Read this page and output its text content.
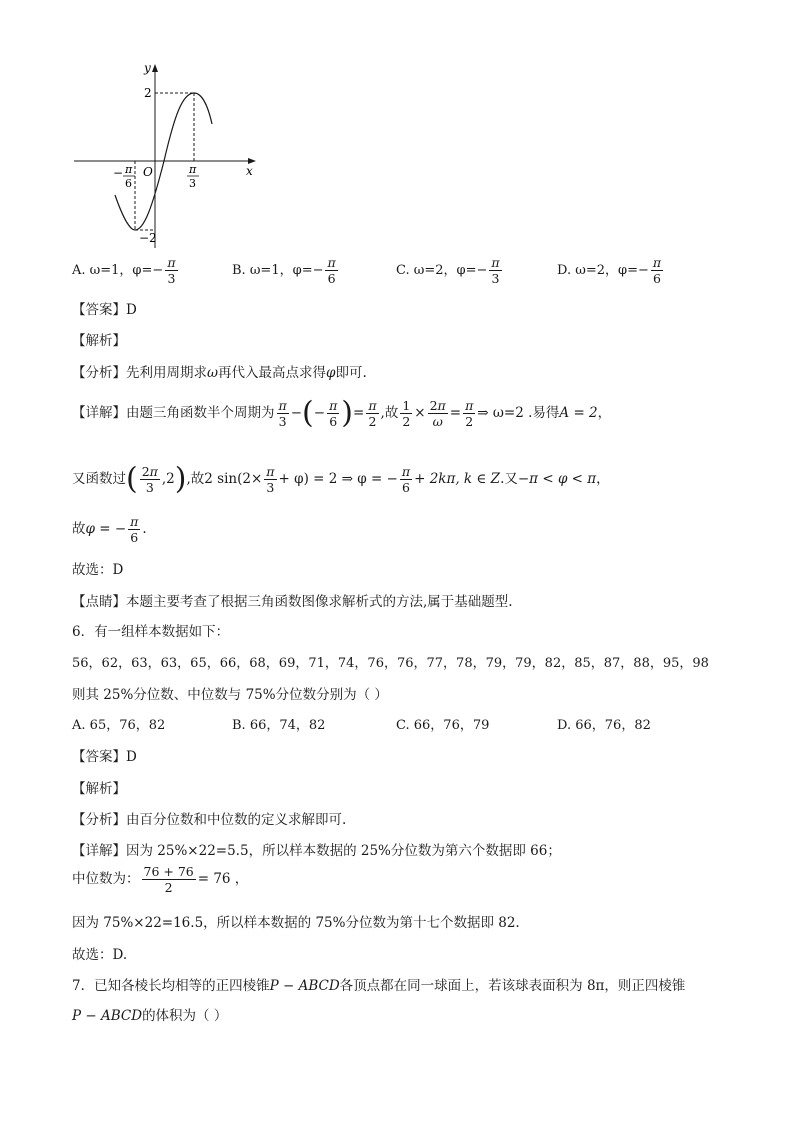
y
x
O
2
−2
− π
6
π
3
A. ω=1，$\varphi=- \frac{\pi}{3}$	B. ω=1，$\varphi=- \frac{\pi}{6}$	C. ω=2，$\varphi=- \frac{\pi}{3}$	D. ω=2，$\varphi=- \frac{\pi}{6}$
【答案】D
【解析】
【分析】先利用周期求ω再代入最高点求得φ即可.
【详解】由题三角函数半个周期为 $\frac{\pi}{3}$ −(− $\frac{\pi}{6}$ )= $\frac{\pi}{2}$ ,故 $\frac{1}{2} \times \frac{2\pi}{\omega} = \frac{\pi}{2}$ ⇒ ω=2 .易得A = 2，
又函数过( $\frac{2\pi}{3} ,2$),故2 $\sin(2\times \frac{\pi}{3} + \varphi) = 2$ ⇒ φ = − $\frac{\pi}{6} + 2k\pi$, k ∈ Z.又−π < φ < π，
故φ = − $\frac{\pi}{6}$ .
故选：D
【点睛】本题主要考查了根据三角函数图像求解析式的方法,属于基础题型.
6．有一组样本数据如下：
56，62，63，63，65，66，68，69，71，74，76，76，77，78，79，79，82，85，87，88，95，98
则其 25%分位数、中位数与 75%分位数分别为（ ）
A. 65，76，82	B. 66，74，82	C. 66，76，79	D. 66，76，82
【答案】D
【解析】
【分析】由百分位数和中位数的定义求解即可.
【详解】因为 25%×22=5.5，所以样本数据的 25%分位数为第六个数据即 66；
中位数为： $\frac{76 + 76}{2} = 76$ ，
因为 75%×22=16.5，所以样本数据的 75%分位数为第十七个数据即 82.
故选：D.
7．已知各棱长均相等的正四棱锥P − ABCD各顶点都在同一球面上，若该球表面积为 8π，则正四棱锥
P − ABCD的体积为（ ）
